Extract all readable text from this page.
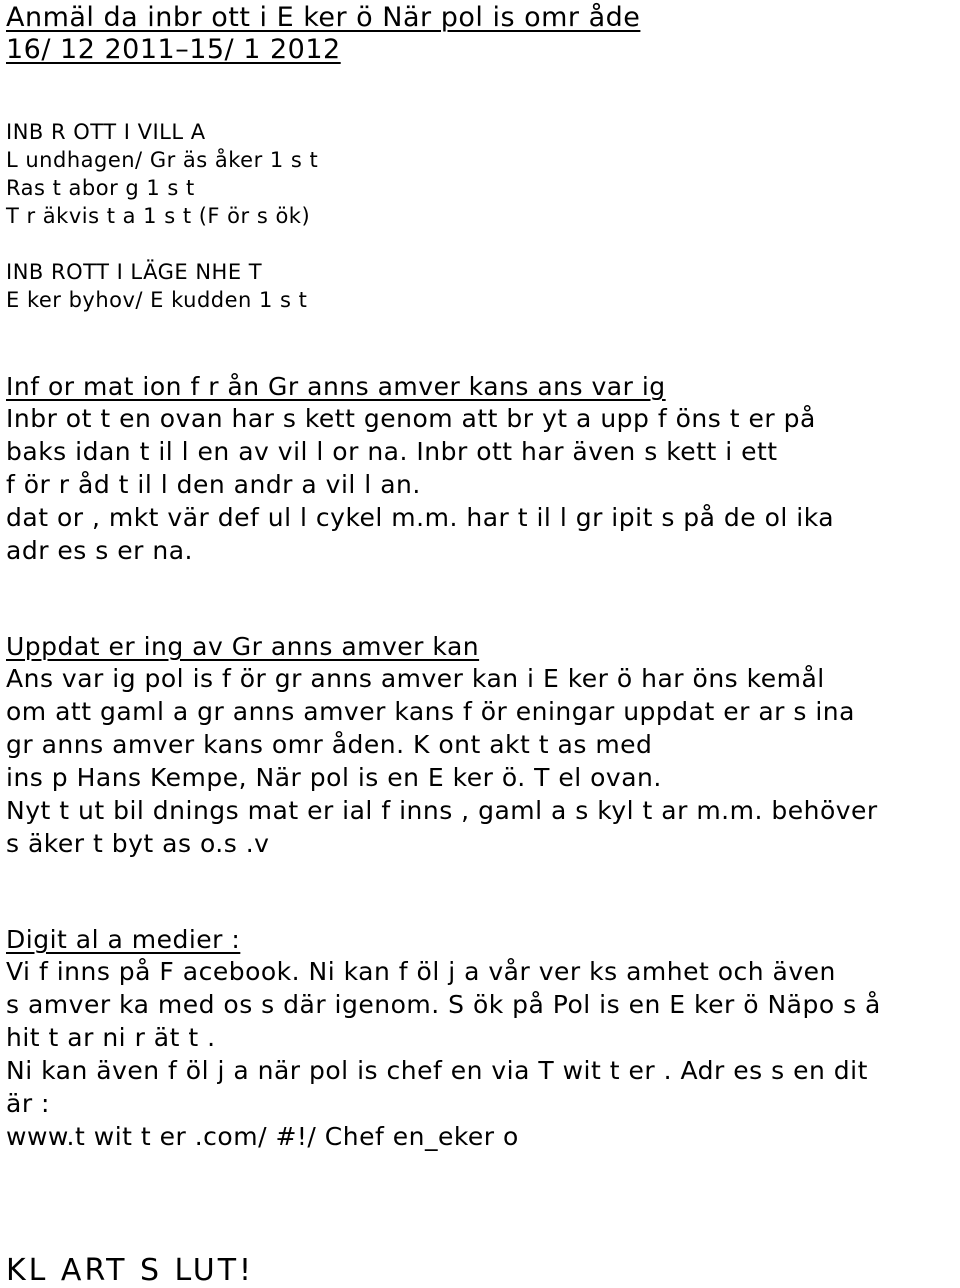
Anmäl da inbr ott i E ker ö När pol is omr åde
16/ 12 2011–15/ 1 2012
INB R OTT I VILL A
L undhagen/ Gr äs åker 1 s t
Ras t abor g 1 s t
T r äkvis t a 1 s t (F ör s ök)
INB ROTT I LÄGE NHE T
E ker byhov/ E kudden 1 s t
Inf or mat ion f r ån Gr anns amver kans ans var ig
Inbr ot t en ovan har s kett genom att br yt a upp f öns t er på
baks idan t il l en av vil l or na. Inbr ott har även s kett i ett
f ör r åd t il l den andr a vil l an.
dat or , mkt vär def ul l cykel m.m. har t il l gr ipit s på de ol ika
adr es s er na.
Uppdat er ing av Gr anns amver kan
Ans var ig pol is f ör gr anns amver kan i E ker ö har öns kemål
om att gaml a gr anns amver kans f ör eningar uppdat er ar s ina
gr anns amver kans omr åden. K ont akt t as med
ins p Hans Kempe, När pol is en E ker ö. T el ovan.
Nyt t ut bil dnings mat er ial f inns , gaml a s kyl t ar m.m. behöver
s äker t byt as o.s .v
Digit al a medier :
Vi f inns på F acebook. Ni kan f öl j a vår ver ks amhet och även
s amver ka med os s där igenom. S ök på Pol is en E ker ö Näpo s å
hit t ar ni r ät t .
Ni kan även f öl j a när pol is chef en via T wit t er . Adr es s en dit
är :
www.t wit t er .com/ #!/ Chef en_eker o
KL ART S LUT!
